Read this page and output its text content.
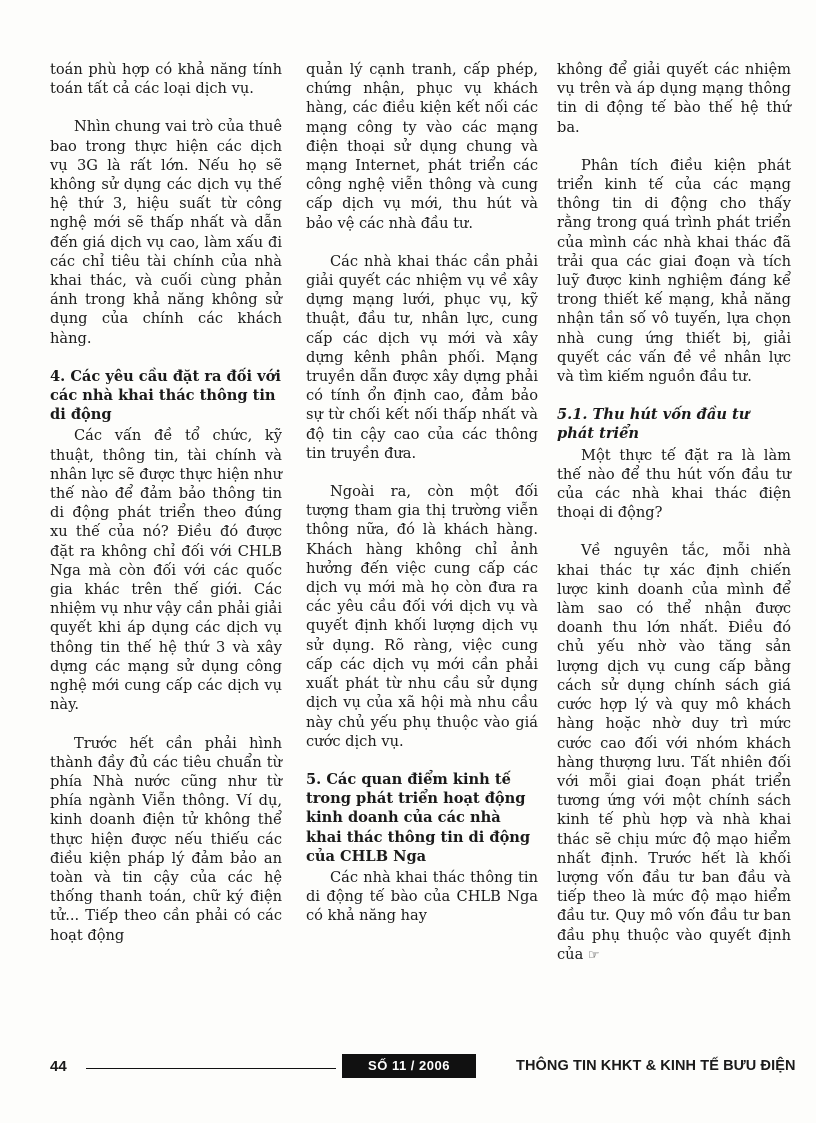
toán phù hợp có khả năng tính toán tất cả các loại dịch vụ.

Nhìn chung vai trò của thuê bao trong thực hiện các dịch vụ 3G là rất lớn. Nếu họ sẽ không sử dụng các dịch vụ thế hệ thứ 3, hiệu suất từ công nghệ mới sẽ thấp nhất và dẫn đến giá dịch vụ cao, làm xấu đi các chỉ tiêu tài chính của nhà khai thác, và cuối cùng phản ánh trong khả năng không sử dụng của chính các khách hàng.

4. Các yêu cầu đặt ra đối với các nhà khai thác thông tin di động

Các vấn đề tổ chức, kỹ thuật, thông tin, tài chính và nhân lực sẽ được thực hiện như thế nào để đảm bảo thông tin di động phát triển theo đúng xu thế của nó? Điều đó được đặt ra không chỉ đối với CHLB Nga mà còn đối với các quốc gia khác trên thế giới. Các nhiệm vụ như vậy cần phải giải quyết khi áp dụng các dịch vụ thông tin thế hệ thứ 3 và xây dựng các mạng sử dụng công nghệ mới cung cấp các dịch vụ này.

Trước hết cần phải hình thành đầy đủ các tiêu chuẩn từ phía Nhà nước cũng như từ phía ngành Viễn thông. Ví dụ, kinh doanh điện tử không thể thực hiện được nếu thiếu các điều kiện pháp lý đảm bảo an toàn và tin cậy của các hệ thống thanh toán, chữ ký điện tử... Tiếp theo cần phải có các hoạt động

quản lý cạnh tranh, cấp phép, chứng nhận, phục vụ khách hàng, các điều kiện kết nối các mạng công ty vào các mạng điện thoại sử dụng chung và mạng Internet, phát triển các công nghệ viễn thông và cung cấp dịch vụ mới, thu hút và bảo vệ các nhà đầu tư.

Các nhà khai thác cần phải giải quyết các nhiệm vụ về xây dựng mạng lưới, phục vụ, kỹ thuật, đầu tư, nhân lực, cung cấp các dịch vụ mới và xây dựng kênh phân phối. Mạng truyền dẫn được xây dựng phải có tính ổn định cao, đảm bảo sự từ chối kết nối thấp nhất và độ tin cậy cao của các thông tin truyền đưa.

Ngoài ra, còn một đối tượng tham gia thị trường viễn thông nữa, đó là khách hàng. Khách hàng không chỉ ảnh hưởng đến việc cung cấp các dịch vụ mới mà họ còn đưa ra các yêu cầu đối với dịch vụ và quyết định khối lượng dịch vụ sử dụng. Rõ ràng, việc cung cấp các dịch vụ mới cần phải xuất phát từ nhu cầu sử dụng dịch vụ của xã hội mà nhu cầu này chủ yếu phụ thuộc vào giá cước dịch vụ.

5. Các quan điểm kinh tế trong phát triển hoạt động kinh doanh của các nhà khai thác thông tin di động của CHLB Nga

Các nhà khai thác thông tin di động tế bào của CHLB Nga có khả năng hay

không để giải quyết các nhiệm vụ trên và áp dụng mạng thông tin di động tế bào thế hệ thứ ba.

Phân tích điều kiện phát triển kinh tế của các mạng thông tin di động cho thấy rằng trong quá trình phát triển của mình các nhà khai thác đã trải qua các giai đoạn và tích luỹ được kinh nghiệm đáng kể trong thiết kế mạng, khả năng nhận tần số vô tuyến, lựa chọn nhà cung ứng thiết bị, giải quyết các vấn đề về nhân lực và tìm kiếm nguồn đầu tư.

5.1. Thu hút vốn đầu tư phát triển

Một thực tế đặt ra là làm thế nào để thu hút vốn đầu tư của các nhà khai thác điện thoại di động?

Về nguyên tắc, mỗi nhà khai thác tự xác định chiến lược kinh doanh của mình để làm sao có thể nhận được doanh thu lớn nhất. Điều đó chủ yếu nhờ vào tăng sản lượng dịch vụ cung cấp bằng cách sử dụng chính sách giá cước hợp lý và quy mô khách hàng hoặc nhờ duy trì mức cước cao đối với nhóm khách hàng thượng lưu. Tất nhiên đối với mỗi giai đoạn phát triển tương ứng với một chính sách kinh tế phù hợp và nhà khai thác sẽ chịu mức độ mạo hiểm nhất định. Trước hết là khối lượng vốn đầu tư ban đầu và tiếp theo là mức độ mạo hiểm đầu tư. Quy mô vốn đầu tư ban đầu phụ thuộc vào quyết định của ☞

44	SỐ 11 / 2006	THÔNG TIN KHKT & KINH TẾ BƯU ĐIỆN
